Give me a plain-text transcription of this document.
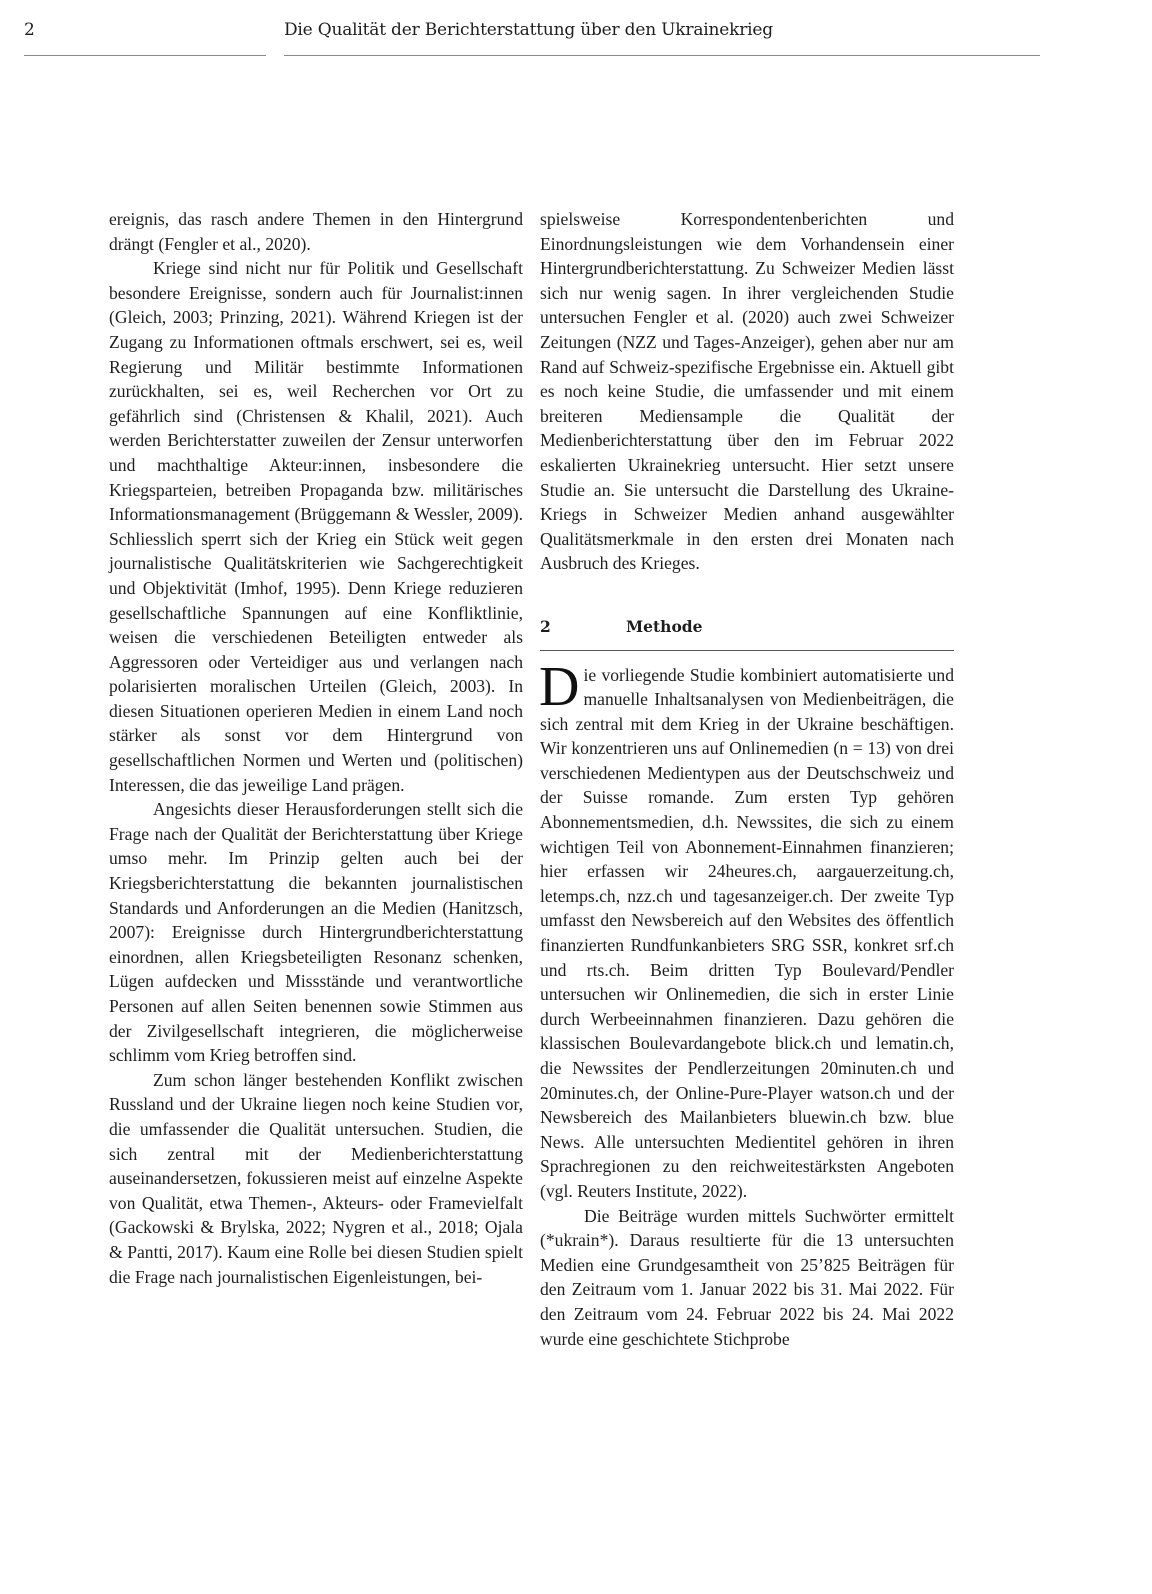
2	Die Qualität der Berichterstattung über den Ukrainekrieg

ereignis, das rasch andere Themen in den Hintergrund drängt (Fengler et al., 2020).

Kriege sind nicht nur für Politik und Gesellschaft besondere Ereignisse, sondern auch für Journalist:innen (Gleich, 2003; Prinzing, 2021). Während Kriegen ist der Zugang zu Informationen oftmals erschwert, sei es, weil Regierung und Militär bestimmte Informationen zurückhalten, sei es, weil Recherchen vor Ort zu gefährlich sind (Christensen & Khalil, 2021). Auch werden Berichterstatter zuweilen der Zensur unterworfen und machthaltige Akteur:innen, insbesondere die Kriegsparteien, betreiben Propaganda bzw. militärisches Informationsmanagement (Brüggemann & Wessler, 2009). Schliesslich sperrt sich der Krieg ein Stück weit gegen journalistische Qualitätskriterien wie Sachgerechtigkeit und Objektivität (Imhof, 1995). Denn Kriege reduzieren gesellschaftliche Spannungen auf eine Konfliktlinie, weisen die verschiedenen Beteiligten entweder als Aggressoren oder Verteidiger aus und verlangen nach polarisierten moralischen Urteilen (Gleich, 2003). In diesen Situationen operieren Medien in einem Land noch stärker als sonst vor dem Hintergrund von gesellschaftlichen Normen und Werten und (politischen) Interessen, die das jeweilige Land prägen.

Angesichts dieser Herausforderungen stellt sich die Frage nach der Qualität der Berichterstattung über Kriege umso mehr. Im Prinzip gelten auch bei der Kriegsberichterstattung die bekannten journalistischen Standards und Anforderungen an die Medien (Hanitzsch, 2007): Ereignisse durch Hintergrundberichterstattung einordnen, allen Kriegsbeteiligten Resonanz schenken, Lügen aufdecken und Missstände und verantwortliche Personen auf allen Seiten benennen sowie Stimmen aus der Zivilgesellschaft integrieren, die möglicherweise schlimm vom Krieg betroffen sind.

Zum schon länger bestehenden Konflikt zwischen Russland und der Ukraine liegen noch keine Studien vor, die umfassender die Qualität untersuchen. Studien, die sich zentral mit der Medienberichterstattung auseinandersetzen, fokussieren meist auf einzelne Aspekte von Qualität, etwa Themen-, Akteurs- oder Framevielfalt (Gackowski & Brylska, 2022; Nygren et al., 2018; Ojala & Pantti, 2017). Kaum eine Rolle bei diesen Studien spielt die Frage nach journalistischen Eigenleistungen, bei-

spielsweise Korrespondentenberichten und Einordnungsleistungen wie dem Vorhandensein einer Hintergrundberichterstattung. Zu Schweizer Medien lässt sich nur wenig sagen. In ihrer vergleichenden Studie untersuchen Fengler et al. (2020) auch zwei Schweizer Zeitungen (NZZ und Tages-Anzeiger), gehen aber nur am Rand auf Schweiz-spezifische Ergebnisse ein. Aktuell gibt es noch keine Studie, die umfassender und mit einem breiteren Mediensample die Qualität der Medienberichterstattung über den im Februar 2022 eskalierten Ukrainekrieg untersucht. Hier setzt unsere Studie an. Sie untersucht die Darstellung des Ukraine-Kriegs in Schweizer Medien anhand ausgewählter Qualitätsmerkmale in den ersten drei Monaten nach Ausbruch des Krieges.

2	Methode

Die vorliegende Studie kombiniert automatisierte und manuelle Inhaltsanalysen von Medienbeiträgen, die sich zentral mit dem Krieg in der Ukraine beschäftigen. Wir konzentrieren uns auf Onlinemedien (n = 13) von drei verschiedenen Medientypen aus der Deutschschweiz und der Suisse romande. Zum ersten Typ gehören Abonnementsmedien, d.h. Newssites, die sich zu einem wichtigen Teil von Abonnement-Einnahmen finanzieren; hier erfassen wir 24heures.ch, aargauerzeitung.ch, letemps.ch, nzz.ch und tagesanzeiger.ch. Der zweite Typ umfasst den Newsbereich auf den Websites des öffentlich finanzierten Rundfunkanbieters SRG SSR, konkret srf.ch und rts.ch. Beim dritten Typ Boulevard/Pendler untersuchen wir Onlinemedien, die sich in erster Linie durch Werbeeinnahmen finanzieren. Dazu gehören die klassischen Boulevardangebote blick.ch und lematin.ch, die Newssites der Pendlerzeitungen 20minuten.ch und 20minutes.ch, der Online-Pure-Player watson.ch und der Newsbereich des Mailanbieters bluewin.ch bzw. blue News. Alle untersuchten Medientitel gehören in ihren Sprachregionen zu den reichweitestärksten Angeboten (vgl. Reuters Institute, 2022).

Die Beiträge wurden mittels Suchwörter ermittelt (*ukrain*). Daraus resultierte für die 13 untersuchten Medien eine Grundgesamtheit von 25’825 Beiträgen für den Zeitraum vom 1. Januar 2022 bis 31. Mai 2022. Für den Zeitraum vom 24. Februar 2022 bis 24. Mai 2022 wurde eine geschichtete Stichprobe
